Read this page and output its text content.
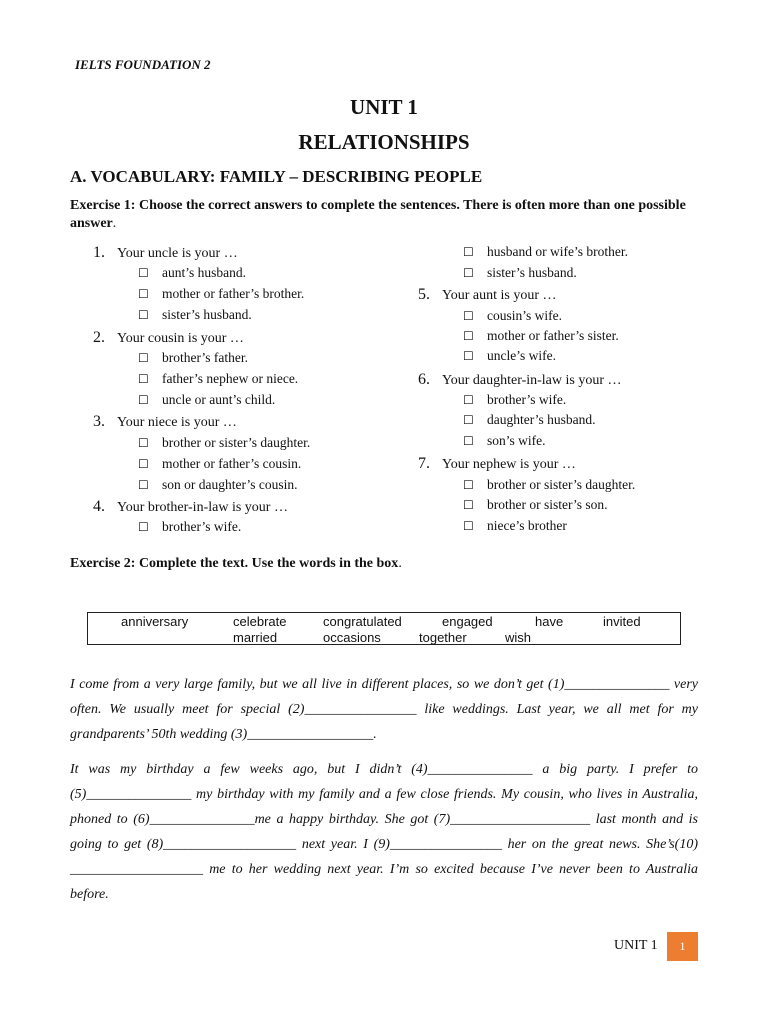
IELTS FOUNDATION 2
UNIT 1
RELATIONSHIPS
A. VOCABULARY: FAMILY – DESCRIBING PEOPLE
Exercise 1: Choose the correct answers to complete the sentences. There is often more than one possible answer.
1. Your uncle is your …
☐ aunt’s husband.
☐ mother or father’s brother.
☐ sister’s husband.
2. Your cousin is your …
☐ brother’s father.
☐ father’s nephew or niece.
☐ uncle or aunt’s child.
3. Your niece is your …
☐ brother or sister’s daughter.
☐ mother or father’s cousin.
☐ son or daughter’s cousin.
4. Your brother-in-law is your …
☐ brother’s wife.
☐ husband or wife’s brother.
☐ sister’s husband.
5. Your aunt is your …
☐ cousin’s wife.
☐ mother or father’s sister.
☐ uncle’s wife.
6. Your daughter-in-law is your …
☐ brother’s wife.
☐ daughter’s husband.
☐ son’s wife.
7. Your nephew is your …
☐ brother or sister’s daughter.
☐ brother or sister’s son.
☐ niece’s brother
Exercise 2: Complete the text. Use the words in the box.
anniversary	celebrate	congratulated	engaged	have	invited
married	occasions	together	wish
I come from a very large family, but we all live in different places, so we don’t get (1)_______________ very often. We usually meet for special (2)________________ like weddings. Last year, we all met for my grandparents’ 50th wedding (3)__________________.
It was my birthday a few weeks ago, but I didn’t (4)_______________ a big party. I prefer to (5)_______________ my birthday with my family and a few close friends. My cousin, who lives in Australia, phoned to (6)_______________me a happy birthday. She got (7)____________________ last month and is going to get (8)___________________ next year. I (9)________________ her on the great news. She’s(10) ___________________ me to her wedding next year. I’m so excited because I’ve never been to Australia before.
UNIT 1	1
